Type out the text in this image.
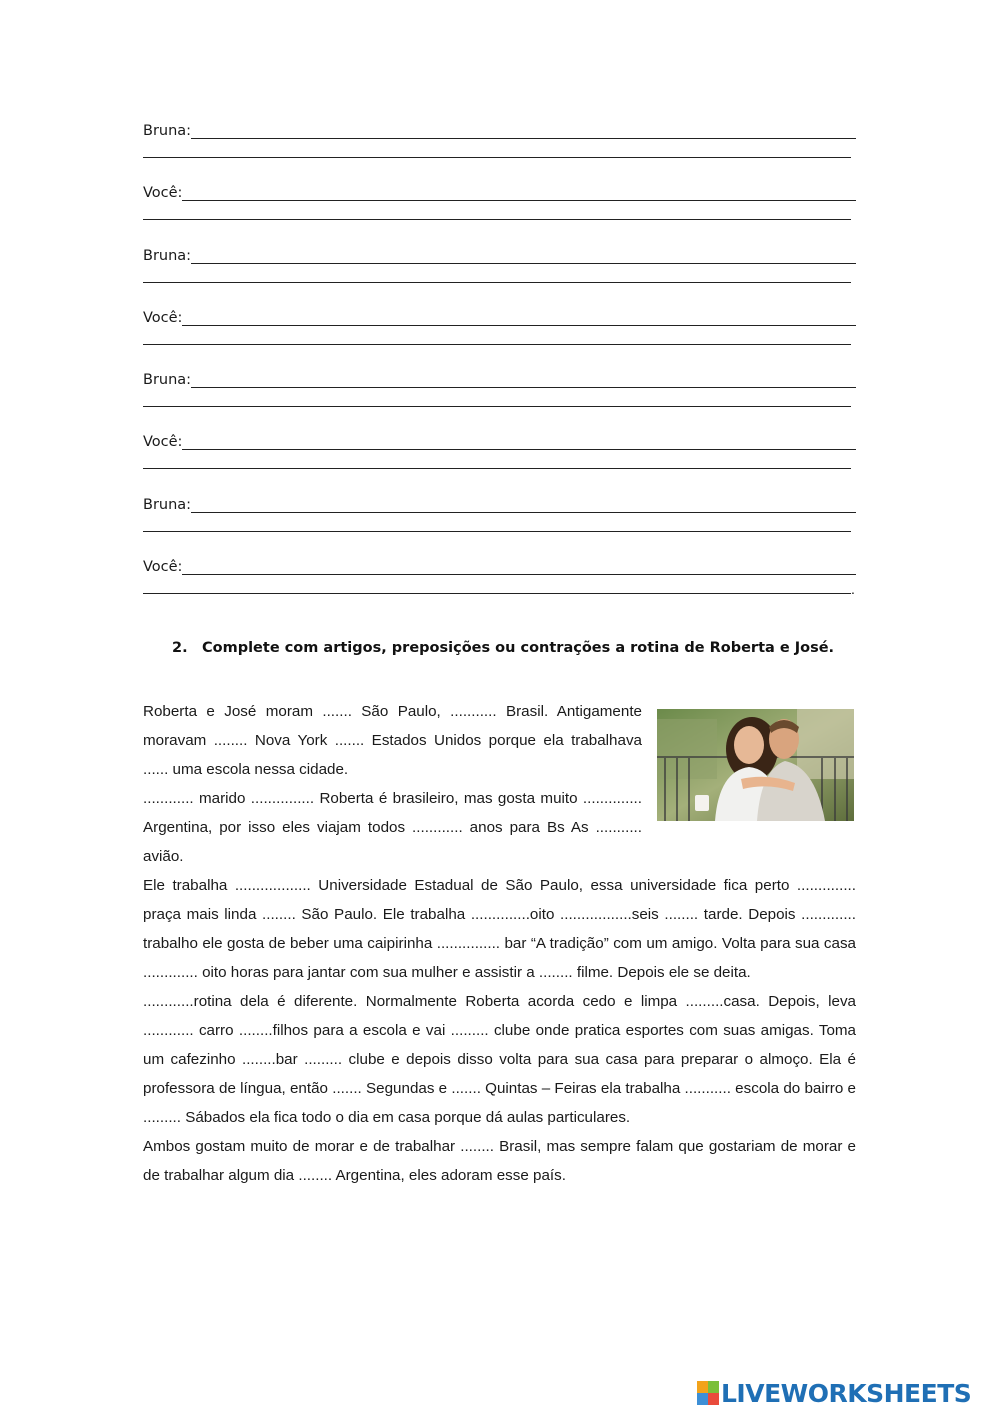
Bruna:
Você:
Bruna:
Você:
Bruna:
Você:
Bruna:
Você:
.
2. Complete com artigos, preposições ou contrações a rotina de Roberta e José.

Roberta e José moram ....... São Paulo, ........... Brasil. Antigamente moravam ........ Nova York ....... Estados Unidos porque ela trabalhava ...... uma escola nessa cidade.

............ marido ............... Roberta é brasileiro, mas gosta muito .............. Argentina, por isso eles viajam todos ............ anos para Bs As ........... avião.

Ele trabalha .................. Universidade Estadual de São Paulo, essa universidade fica perto .............. praça mais linda ........ São Paulo. Ele trabalha ..............oito .................seis ........ tarde. Depois ............. trabalho ele gosta de beber uma caipirinha ............... bar “A tradição” com um amigo. Volta para sua casa ............. oito horas para jantar com sua mulher e assistir a ........ filme. Depois ele se deita.

............rotina dela é diferente. Normalmente Roberta acorda cedo e limpa .........casa. Depois, leva ............ carro ........filhos para a escola e vai ......... clube onde pratica esportes com suas amigas. Toma um cafezinho ........bar ......... clube e depois disso volta para sua casa para preparar o almoço. Ela é professora de língua, então ....... Segundas e ....... Quintas – Feiras ela trabalha ........... escola do bairro e ......... Sábados ela fica todo o dia em casa porque dá aulas particulares.

Ambos gostam muito de morar e de trabalhar ........ Brasil, mas sempre falam que gostariam de morar e de trabalhar algum dia ........ Argentina, eles adoram esse país.

LIVEWORKSHEETS
